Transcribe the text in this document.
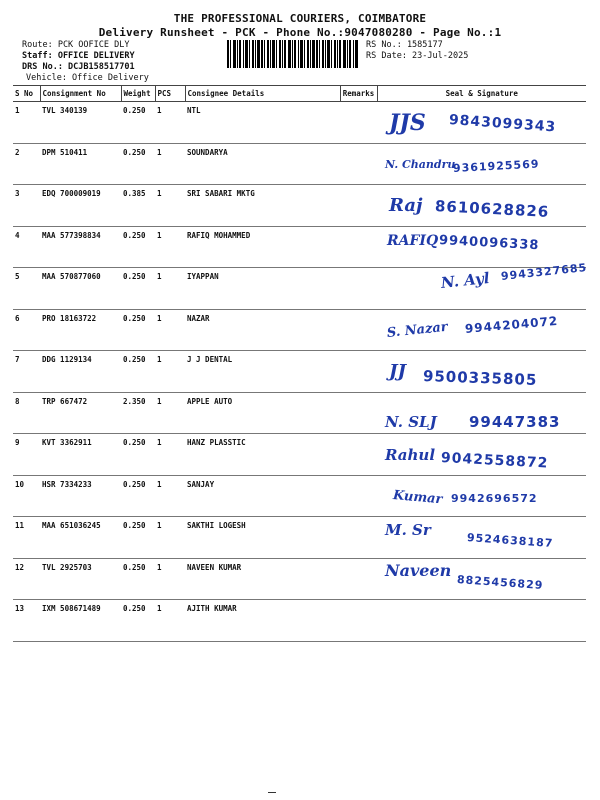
THE PROFESSIONAL COURIERS, COIMBATORE
Delivery Runsheet - PCK - Phone No.:9047080280 - Page No.:1
Route: PCK OOFICE DLY
Staff: OFFICE DELIVERY
DRS No.: DCJB158517701
Vehicle: Office Delivery
RS No.: 1585177
RS Date: 23-Jul-2025
S No	Consignment No	Weight	PCS	Consignee Details	Remarks	Seal & Signature
1	TVL 340139	0.250	1	NTL		JJS 9843099343

2	DPM 510411	0.250	1	SOUNDARYA		N. Chandru
9361925569

3	EDQ 700009019	0.385	1	SRI SABARI MKTG		Raj 8610628826

4	MAA 577398834	0.250	1	RAFIQ MOHAMMED		RAFIQ 9940096338

5	MAA 570877060	0.250	1	IYAPPAN		N. Ayl 9943327685

6	PRO 18163722	0.250	1	NAZAR		S. Nazar 9944204072

7	DDG 1129134	0.250	1	J J DENTAL		JJ 9500335805

8	TRP 667472	2.350	1	APPLE AUTO		N. SLJ 99447383

9	KVT 3362911	0.250	1	HANZ PLASSTIC		Rahul 9042558872

10	HSR 7334233	0.250	1	SANJAY		Kumar 9942696572

11	MAA 651036245	0.250	1	SAKTHI LOGESH		M. Sr
9524638187

12	TVL 2925703	0.250	1	NAVEEN KUMAR		Naveen
8825456829

13	IXM 508671489	0.250	1	AJITH KUMAR		
